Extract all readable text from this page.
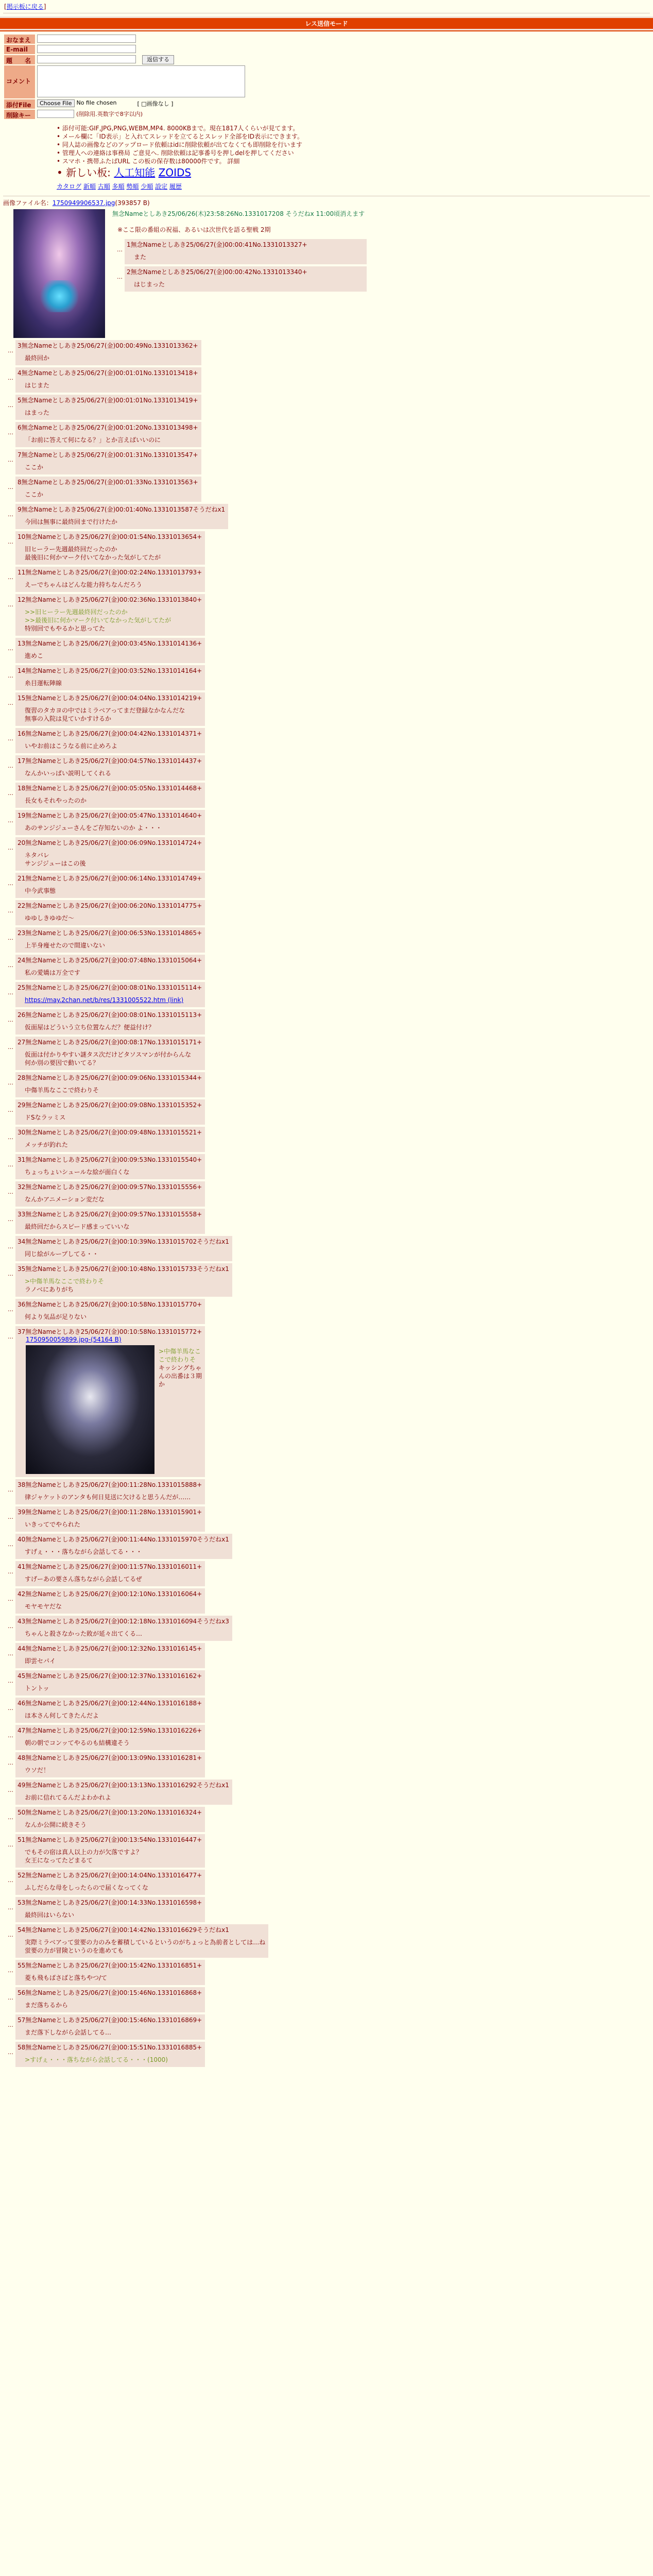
[掲示板に戻る]
レス送信モード
おなまえ
E-mail
題　　名	返信する
コメント
添付File	Choose File No file chosen	[ □画像なし ]
削除キー	(削除用.英数字で8字以内)
• 添付可能:GIF,JPG,PNG,WEBM,MP4. 8000KBまで。現在1817人くらいが見てます。
• メール欄に「ID表示」と入れてスレッドを立てるとスレッド全部をID表示にできます。
• 同人誌の画像などのアップロード依頼はidに削除依頼が出てなくても即削除を行います
• 管理人への連絡は事務局 ご意見へ. 削除依頼は記事番号を押しdelを押してください
• スマホ・携帯ふたばURL この板の保存数は80000件です。 詳細
• 新しい板: 人工知能 ZOIDS
カタログ 新順 古順 多順 勢順 少順 設定 履歴
画像ファイル名：1750949906537.jpg(393857 B)
無念Nameとしあき25/06/26(木)23:58:26No.1331017208 そうだねx 11:00頃消えます
※ここ限の番組の祝福、あるいは次世代を語る聖戦 2期
…
1無念Nameとしあき25/06/27(金)00:00:41No.1331013327+
また
…
2無念Nameとしあき25/06/27(金)00:00:42No.1331013340+
はじまった
…
3無念Nameとしあき25/06/27(金)00:00:49No.1331013362+
最終回か
…
4無念Nameとしあき25/06/27(金)00:01:01No.1331013418+
はじまた
…
5無念Nameとしあき25/06/27(金)00:01:01No.1331013419+
はまった
…
6無念Nameとしあき25/06/27(金)00:01:20No.1331013498+
「お前に答えて何になる？」とか言えばいいのに
…
7無念Nameとしあき25/06/27(金)00:01:31No.1331013547+
ここか
…
8無念Nameとしあき25/06/27(金)00:01:33No.1331013563+
ここか
…
9無念Nameとしあき25/06/27(金)00:01:40No.1331013587そうだねx1
今回は無事に最終回まで行けたか
…
10無念Nameとしあき25/06/27(金)00:01:54No.1331013654+
旧ヒーラー先週最終回だったのか
最後旧に何かマーク付いてなかった気がしてたが
…
11無念Nameとしあき25/06/27(金)00:02:24No.1331013793+
えーでちゃんはどんな能力持ちなんだろう
…
12無念Nameとしあき25/06/27(金)00:02:36No.1331013840+
>>旧ヒーラー先週最終回だったのか
>>最後旧に何かマーク付いてなかった気がしてたが
特別回でもやるかと思ってた
…
13無念Nameとしあき25/06/27(金)00:03:45No.1331014136+
進めこ
…
14無念Nameとしあき25/06/27(金)00:03:52No.1331014164+
糸目運転陣線
…
15無念Nameとしあき25/06/27(金)00:04:04No.1331014219+
復習のタカヨの中ではミラベアってまだ登録なかなんだな
無事の入院は見ていかすけるか
…
16無念Nameとしあき25/06/27(金)00:04:42No.1331014371+
いやお前はこうなる前に止めろよ
…
17無念Nameとしあき25/06/27(金)00:04:57No.1331014437+
なんかいっぱい説明してくれる
…
18無念Nameとしあき25/06/27(金)00:05:05No.1331014468+
長女もそれやったのか
…
19無念Nameとしあき25/06/27(金)00:05:47No.1331014640+
あのサンジジューさんをご存知ないのか よ・・・
…
20無念Nameとしあき25/06/27(金)00:06:09No.1331014724+
ネタバレ
サンジジューはこの後
…
21無念Nameとしあき25/06/27(金)00:06:14No.1331014749+
中今武事態
…
22無念Nameとしあき25/06/27(金)00:06:20No.1331014775+
ゆゆしきゆゆだ〜
…
23無念Nameとしあき25/06/27(金)00:06:53No.1331014865+
上半身痩せたので間違いない
…
24無念Nameとしあき25/06/27(金)00:07:48No.1331015064+
私の愛嬌は万全です
…
25無念Nameとしあき25/06/27(金)00:08:01No.1331015114+
https://may.2chan.net/b/res/1331005522.htm (link)
…
26無念Nameとしあき25/06/27(金)00:08:01No.1331015113+
仮面屋はどういう立ち位置なんだ？便益付け？
…
27無念Nameとしあき25/06/27(金)00:08:17No.1331015171+
仮面は付かりやすい謎タス次だけどタソスマンが付からんな
何か別の要因で動いてる？
…
28無念Nameとしあき25/06/27(金)00:09:06No.1331015344+
中傷羊馬なここで終わりそ
…
29無念Nameとしあき25/06/27(金)00:09:08No.1331015352+
ドSなラッミス
…
30無念Nameとしあき25/06/27(金)00:09:48No.1331015521+
メッチが釣れた
…
31無念Nameとしあき25/06/27(金)00:09:53No.1331015540+
ちょっちょいシュールな絵が面白くな
…
32無念Nameとしあき25/06/27(金)00:09:57No.1331015556+
なんかアニメーション変だな
…
33無念Nameとしあき25/06/27(金)00:09:57No.1331015558+
最終回だからスピード感まっていいな
…
34無念Nameとしあき25/06/27(金)00:10:39No.1331015702そうだねx1
同じ絵がループしてる・・
…
35無念Nameとしあき25/06/27(金)00:10:48No.1331015733そうだねx1
>中傷羊馬なここで終わりそ
ラノベにありがち
…
36無念Nameとしあき25/06/27(金)00:10:58No.1331015770+
何より気品が足りない
…
37無念Nameとしあき25/06/27(金)00:10:58No.1331015772+
1750950059899.jpg-(54164 B)
>中傷羊馬なここで終わりそ
キッシングちゃんの出番は３期か
…
38無念Nameとしあき25/06/27(金)00:11:28No.1331015888+
律ジャケットのアンタも何日見送に欠けると思うんだが……
…
39無念Nameとしあき25/06/27(金)00:11:28No.1331015901+
いきってでやられた
…
40無念Nameとしあき25/06/27(金)00:11:44No.1331015970そうだねx1
すげぇ・・・落ちながら会話してる・・・
…
41無念Nameとしあき25/06/27(金)00:11:57No.1331016011+
すげーあの要さん落ちながら会話してるぜ
…
42無念Nameとしあき25/06/27(金)00:12:10No.1331016064+
モヤモヤだな
…
43無念Nameとしあき25/06/27(金)00:12:18No.1331016094そうだねx3
ちゃんと殺さなかった敗が延々出てくる…
…
44無念Nameとしあき25/06/27(金)00:12:32No.1331016145+
即雲セパイ
…
45無念Nameとしあき25/06/27(金)00:12:37No.1331016162+
トントッ
…
46無念Nameとしあき25/06/27(金)00:12:44No.1331016188+
ほ本さん何してきたんだよ
…
47無念Nameとしあき25/06/27(金)00:12:59No.1331016226+
朝の朝でコンッてやるのも結構違そう
…
48無念Nameとしあき25/06/27(金)00:13:09No.1331016281+
ウソだ！
…
49無念Nameとしあき25/06/27(金)00:13:13No.1331016292そうだねx1
お前に信れてるんだよわかれよ
…
50無念Nameとしあき25/06/27(金)00:13:20No.1331016324+
なんか公開に続きそう
…
51無念Nameとしあき25/06/27(金)00:13:54No.1331016447+
でもその宿は真人以上の力が欠落ですよ？
女王になってたどまるて
…
52無念Nameとしあき25/06/27(金)00:14:04No.1331016477+
ふしだらな母をしったらので届くなってくな
…
53無念Nameとしあき25/06/27(金)00:14:33No.1331016598+
最終回はいらない
…
54無念Nameとしあき25/06/27(金)00:14:42No.1331016629そうだねx1
実際ミラベアって蛍要の力のみを蓄積しているというのがちょっと為前者としては…ね
蛍要の力が冒険というのを進めても
…
55無念Nameとしあき25/06/27(金)00:15:42No.1331016851+
菱も飛もばさばと落ちやつ/て
…
56無念Nameとしあき25/06/27(金)00:15:46No.1331016868+
まだ落ちるから
…
57無念Nameとしあき25/06/27(金)00:15:46No.1331016869+
まだ落下しながら会話してる…
…
58無念Nameとしあき25/06/27(金)00:15:51No.1331016885+
>すげぇ・・・落ちながら会話してる・・・(1000)
